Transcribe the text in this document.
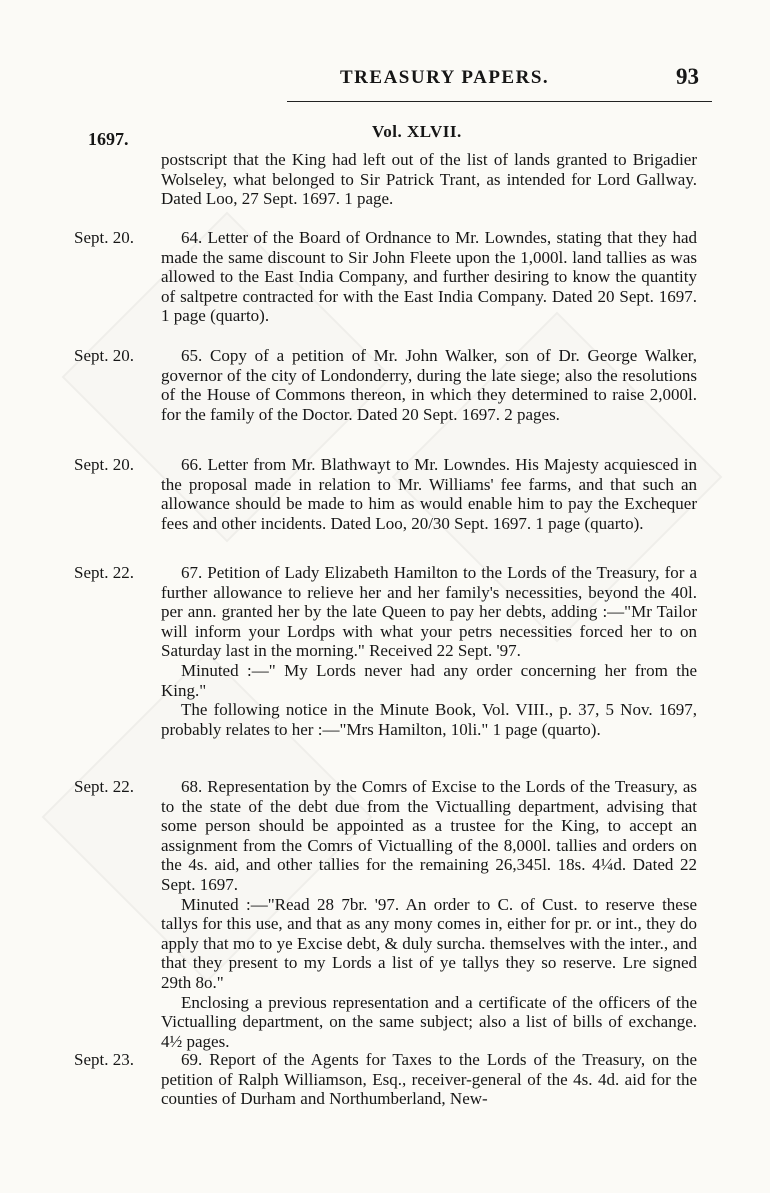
TREASURY PAPERS.	93
1697.	Vol. XLVII.

postscript that the King had left out of the list of lands granted to Brigadier Wolseley, what belonged to Sir Patrick Trant, as intended for Lord Gallway. Dated Loo, 27 Sept. 1697. 1 page.

Sept. 20.	64. Letter of the Board of Ordnance to Mr. Lowndes, stating that they had made the same discount to Sir John Fleete upon the 1,000l. land tallies as was allowed to the East India Company, and further desiring to know the quantity of saltpetre contracted for with the East India Company. Dated 20 Sept. 1697. 1 page (quarto).

Sept. 20.	65. Copy of a petition of Mr. John Walker, son of Dr. George Walker, governor of the city of Londonderry, during the late siege; also the resolutions of the House of Commons thereon, in which they determined to raise 2,000l. for the family of the Doctor. Dated 20 Sept. 1697. 2 pages.

Sept. 20.	66. Letter from Mr. Blathwayt to Mr. Lowndes. His Majesty acquiesced in the proposal made in relation to Mr. Williams' fee farms, and that such an allowance should be made to him as would enable him to pay the Exchequer fees and other incidents. Dated Loo, 20/30 Sept. 1697. 1 page (quarto).

Sept. 22.	67. Petition of Lady Elizabeth Hamilton to the Lords of the Treasury, for a further allowance to relieve her and her family's necessities, beyond the 40l. per ann. granted her by the late Queen to pay her debts, adding :—"Mr Tailor will inform your Lordps with what your petrs necessities forced her to on Saturday last in the morning." Received 22 Sept. '97.

Minuted :—" My Lords never had any order concerning her from the King."

The following notice in the Minute Book, Vol. VIII., p. 37, 5 Nov. 1697, probably relates to her :—"Mrs Hamilton, 10li." 1 page (quarto).

Sept. 22.	68. Representation by the Comrs of Excise to the Lords of the Treasury, as to the state of the debt due from the Victualling department, advising that some person should be appointed as a trustee for the King, to accept an assignment from the Comrs of Victualling of the 8,000l. tallies and orders on the 4s. aid, and other tallies for the remaining 26,345l. 18s. 4¼d. Dated 22 Sept. 1697.

Minuted :—"Read 28 7br. '97. An order to C. of Cust. to reserve these tallys for this use, and that as any mony comes in, either for pr. or int., they do apply that mo to ye Excise debt, & duly surcha. themselves with the inter., and that they present to my Lords a list of ye tallys they so reserve. Lre signed 29th 8o."

Enclosing a previous representation and a certificate of the officers of the Victualling department, on the same subject; also a list of bills of exchange. 4½ pages.

Sept. 23.	69. Report of the Agents for Taxes to the Lords of the Treasury, on the petition of Ralph Williamson, Esq., receiver-general of the 4s. 4d. aid for the counties of Durham and Northumberland, New-
